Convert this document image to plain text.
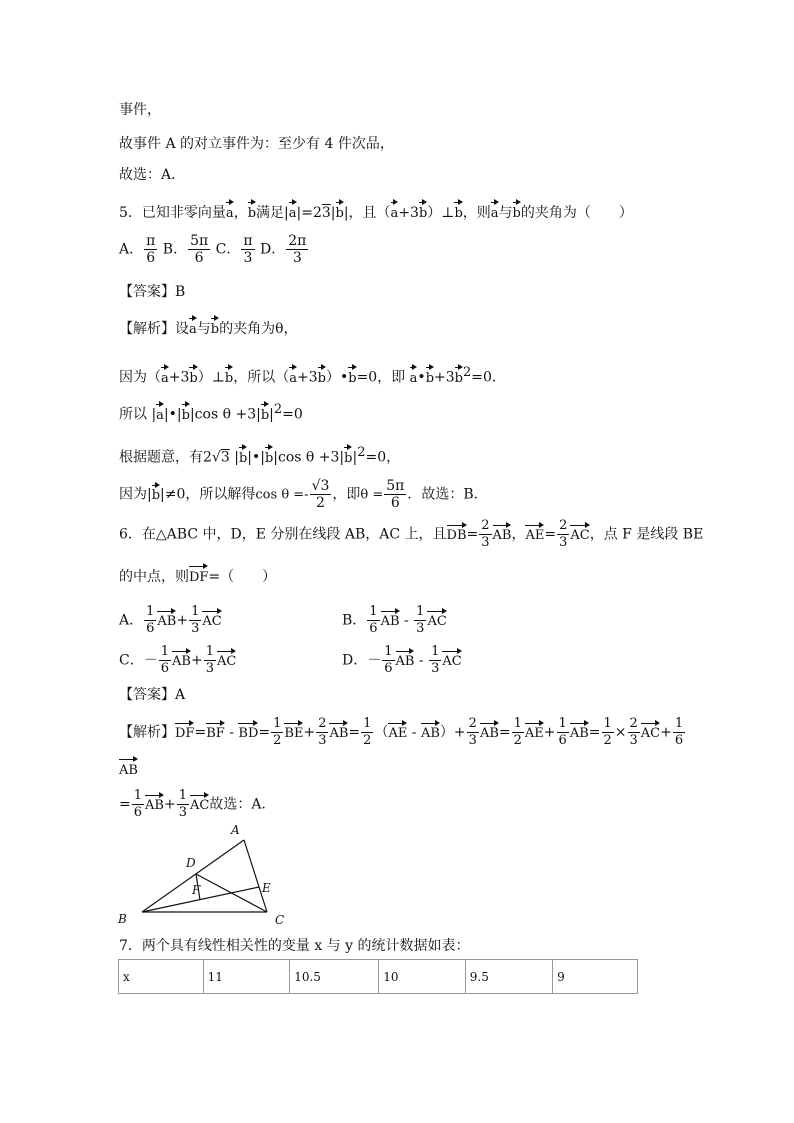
事件，
故事件 A 的对立事件为：至少有 4 件次品，
故选：A．
5．已知非零向量a，b满足|a|=23|b|，且（a+3b）⊥b，则a与b的夹角为（　　）
A． $\frac{\pi}{6}$ B． $\frac{5\pi}{6}$ C． $\frac{\pi}{3}$ D． $\frac{2\pi}{3}$
【答案】B
【解析】设a与b的夹角为θ，
因为（a+3b）⊥b，所以（a+3b）•b=0，即 $a•b+3b^2=0$．
所以 |a|•|b|cos $\theta +3|b|^2=0$
根据题意，有2√3 |b|•|b|cos $\theta +3|b|^2=0$，
因为|b|≠0，所以解得$\cos \theta =- \frac{√3}{2}$ ，即$\theta = \frac{5\pi}{6}$ ．故选：B．
6．在△ABC 中，D，E 分别在线段 AB，AC 上，且$DB= \frac{2}{3}$ AB，$AE= \frac{2}{3}$ AC，点 F 是线段 BE
的中点，则DF=（　　）
A． $\frac{1}{6} AB+ \frac{1}{3}$ AC	B． $\frac{1}{6}$ AB - $\frac{1}{3}$ AC
C．－ $\frac{1}{6} AB+ \frac{1}{3}$ AC	D．－ $\frac{1}{6}$ AB - $\frac{1}{3}$ AC
【答案】A
【解析】$DF=BF - BD= \frac{1}{2} BE+ \frac{2}{3} AB= \frac{1}{2} (AE - AB)+ \frac{2}{3} AB= \frac{1}{2} AE+ \frac{1}{6} AB= \frac{1}{2} \times \frac{2}{3} AC+ \frac{1}{6}$
AB
= $\frac{1}{6} AB+ \frac{1}{3}$ AC故选：A．
A
B	C
D
E
F
7．两个具有线性相关性的变量 x 与 y 的统计数据如表：
x	11	10.5	10	9.5	9
